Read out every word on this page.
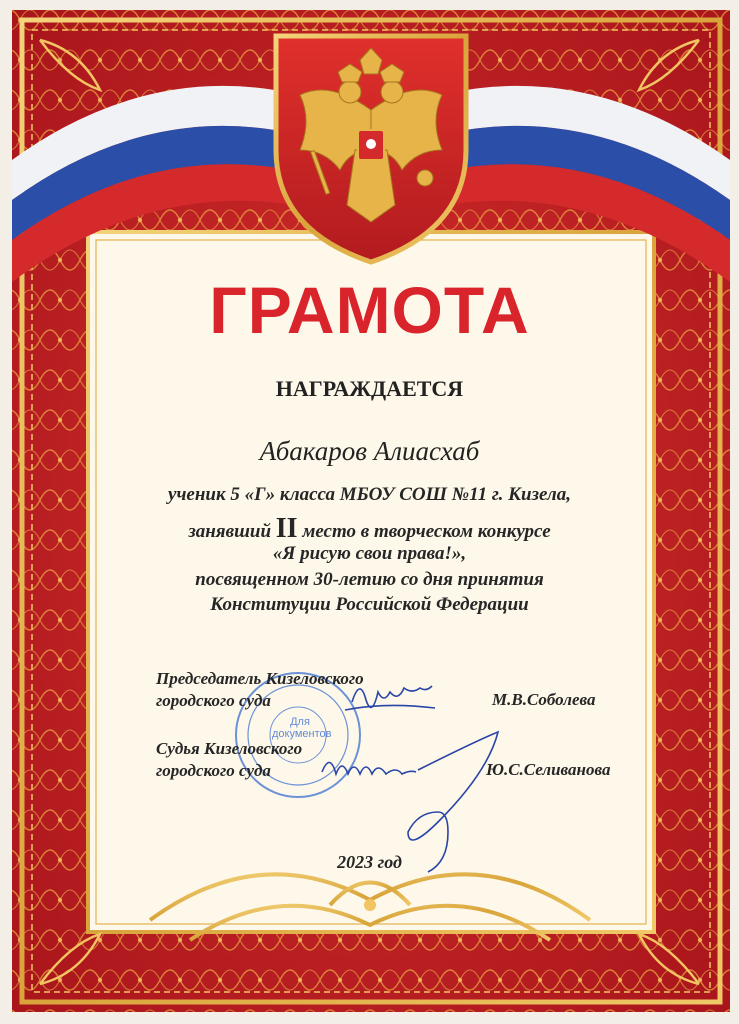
ГРАМОТА
НАГРАЖДАЕТСЯ
Абакаров Алиасхаб
ученик 5 «Г» класса МБОУ СОШ №11 г. Кизела,
занявший II место в творческом конкурсе
«Я рисую свои права!»,
посвященном 30-летию со дня принятия
Конституции Российской Федерации
Председатель Кизеловского
городского суда	М.В.Соболева
Судья Кизеловского
городского суда	Ю.С.Селиванова
Для
документов
2023 год
